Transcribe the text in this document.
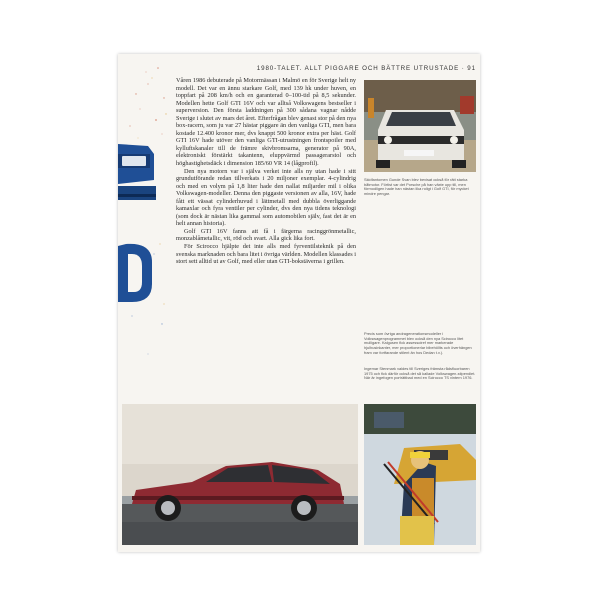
1980-TALET. ALLT PIGGARE OCH BÄTTRE UTRUSTADE · 91

Våren 1986 debuterade på Motormässan i Malmö en för Sverige helt ny modell. Det var en ännu starkare Golf, med 139 hk under huven, en toppfart på 208 km/h och en garanterad 0–100-tid på 8,5 sekunder. Modellen hette Golf GTI 16V och var alltså Volkswagens bestseller i superversion. Den första laddningen på 300 sådana vagnar nådde Sverige i slutet av mars det året. Efterfrågan blev genast stor på den nya box-racern, som ju var 27 hästar piggare än den vanliga GTI, men bara kostade 12.400 kronor mer, dvs knappt 500 kronor extra per häst. Golf GTI 16V hade utöver den vanliga GTI-utrustningen frontspoiler med kylluftskanaler till de främre skivbromsarna, generator på 90A, elektroniskt förstärkt takantenn, eluppvärmd passagerarstol och höghastighetsdäck i dimension 185/60 VR 14 (lågprofil).

Den nya motorn var i själva verket inte alls ny utan hade i sitt grundutförande redan tillverkats i 20 miljoner exemplar. 4-cylindrig och med en volym på 1,8 liter hade den nallat miljarder mil i olika Volkswagen-modeller. Denna den piggaste versionen av alla, 16V, hade fått ett vässat cylinderhuvud i lättmetall med dubbla överliggande kamaxlar och fyra ventiler per cylinder, dvs den nya tidens teknologi (som dock är nästan lika gammal som automobilen själv, fast det är en helt annan historia).

Golf GTI 16V fanns att få i färgerna racinggrönmetallic, monzablåmetallic, vit, röd och svart. Alla gick lika fort.

För Scirocco hjälpte det inte alls med fyrventilsteknik på den svenska marknaden och bara litet i övriga världen. Modellen klassades i stort sett alltid ut av Golf, med eller utan GTI-bokstäverna i grillen.

Skidfantomen Gunde Svan blev bevisat också för rätt starka båtmotor. Förtist var det Porsche på han växte upp till, men förmodligen hade han nästan lika roligt i Golf GTI, för mycket mindre pengar.
Precis som övriga andragenerationsmodeller i Volkswagenprogrammet blev också den nya Scirocco litet mulligare. Kalgusen fick assessoiref mer markerade hjulhusinkanter, mer proportionerlar bibehöllts och överhängen fram var fortfarande stilent än hos Dedan t.v.).
Ingemar Stenmark valdes till Sveriges främsta rådsfluorbaren 1975 och fick därför också det så kallade Volkswagen-stipendiet. När är ingefogen porträttbad med en Scirocco TS vintern 1976.
